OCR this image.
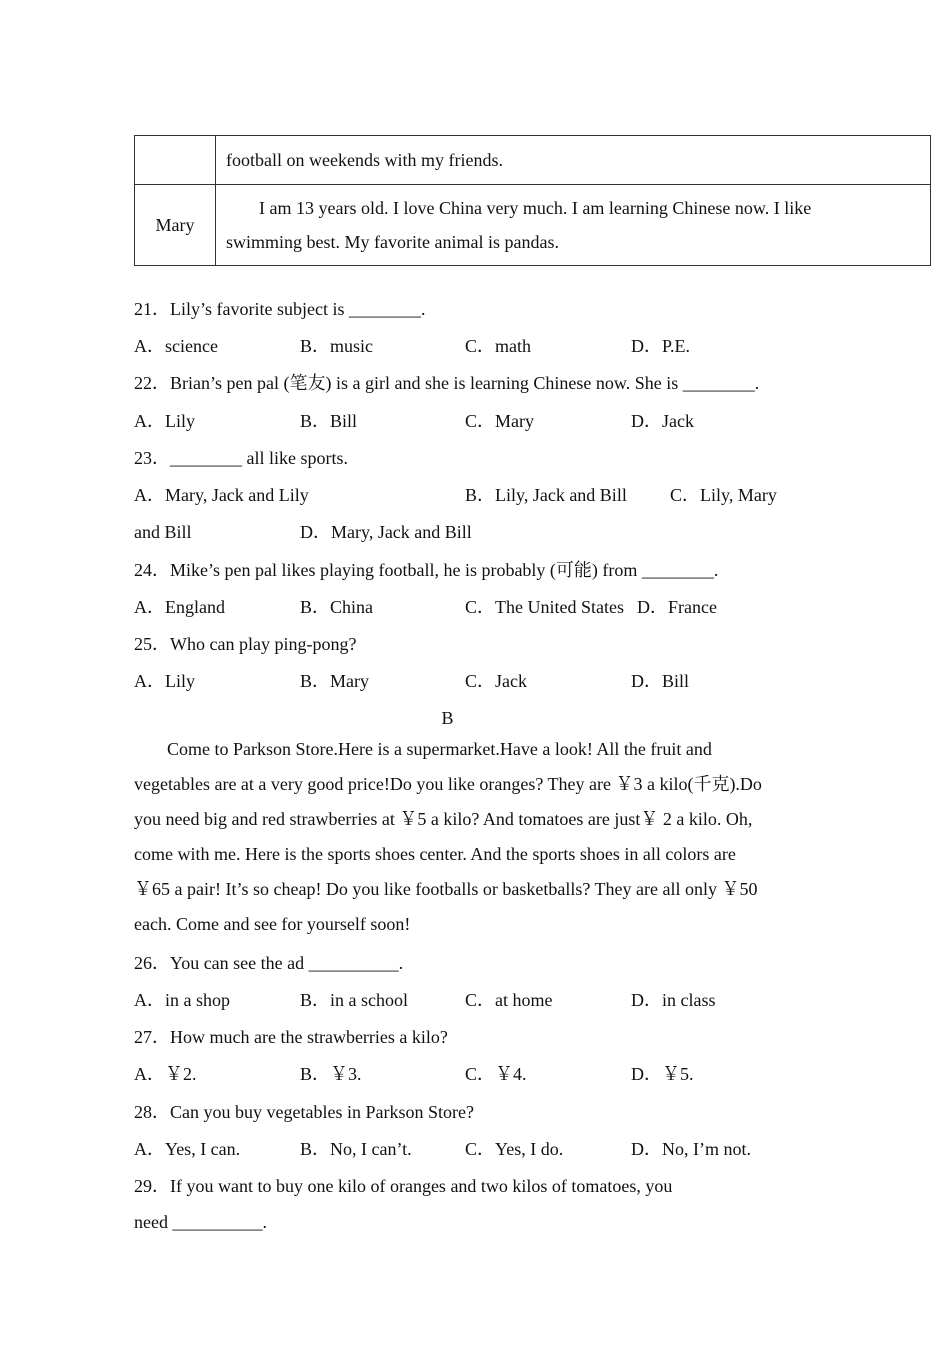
	football on weekends with my friends.
Mary	I am 13 years old. I love China very much. I am learning Chinese now. I like
swimming best. My favorite animal is pandas.
21．Lily’s favorite subject is ________.
A．science	B．music	C．math	D．P.E.
22．Brian’s pen pal (笔友) is a girl and she is learning Chinese now. She is ________.
A．Lily	B．Bill	C．Mary	D．Jack
23．________ all like sports.
A．Mary, Jack and Lily	B．Lily, Jack and Bill C．Lily, Mary
and Bill	D．Mary, Jack and Bill
24．Mike’s pen pal likes playing football, he is probably (可能) from ________.
A．England	B．China	C．The United States D．France
25．Who can play ping-pong?
A．Lily	B．Mary	C．Jack	D．Bill
B
Come to Parkson Store.Here is a supermarket.Have a look! All the fruit and
vegetables are at a very good price!Do you like oranges? They are ￥3 a kilo(千克).Do
you need big and red strawberries at ￥5 a kilo? And tomatoes are just￥ 2 a kilo. Oh,
come with me. Here is the sports shoes center. And the sports shoes in all colors are
￥65 a pair! It’s so cheap! Do you like footballs or basketballs? They are all only ￥50
each. Come and see for yourself soon!
26．You can see the ad __________.
A．in a shop	B．in a school	C．at home	D．in class
27．How much are the strawberries a kilo?
A．￥2.	B．￥3.	C．￥4.	D．￥5.
28．Can you buy vegetables in Parkson Store?
A．Yes, I can.	B．No, I can’t.	C．Yes, I do.	D．No, I’m not.
29．If you want to buy one kilo of oranges and two kilos of tomatoes, you
need __________.
